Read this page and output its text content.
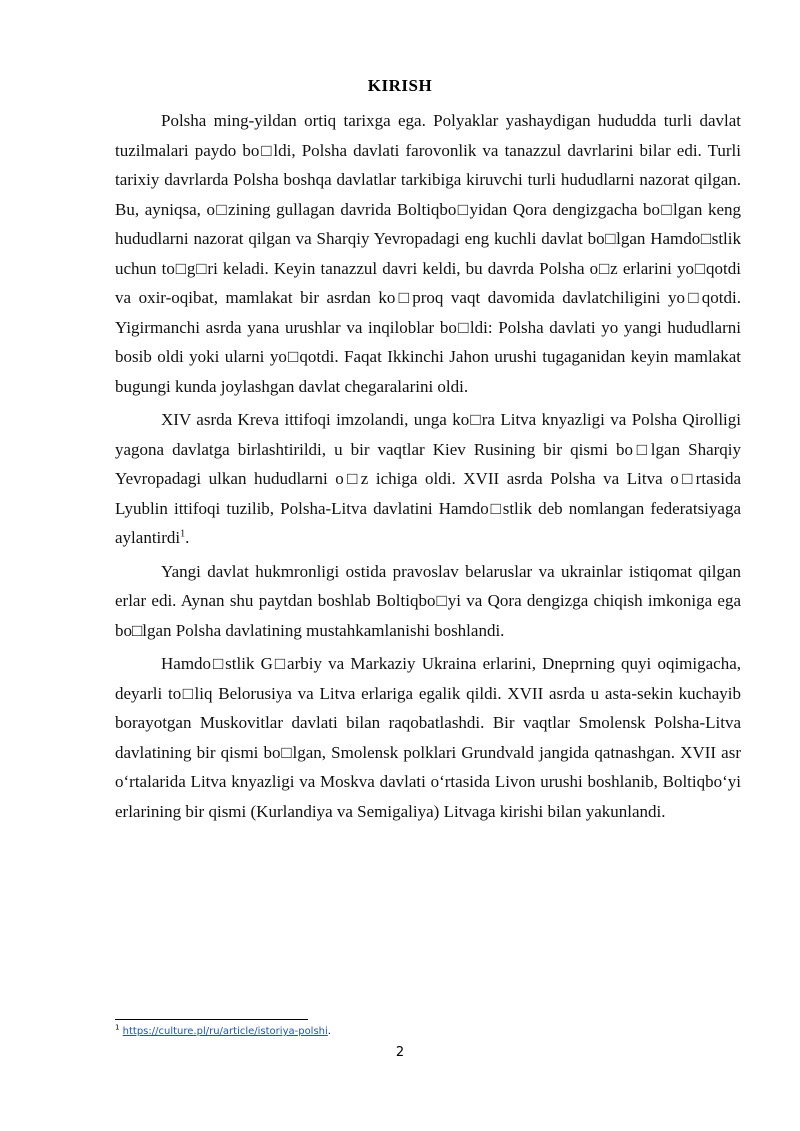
KIRISH

Polsha ming-yildan ortiq tarixga ega. Polyaklar yashaydigan hududda turli davlat tuzilmalari paydo bo□ldi, Polsha davlati farovonlik va tanazzul davrlarini bilar edi. Turli tarixiy davrlarda Polsha boshqa davlatlar tarkibiga kiruvchi turli hududlarni nazorat qilgan. Bu, ayniqsa, o□zining gullagan davrida Boltiqbo□yidan Qora dengizgacha bo□lgan keng hududlarni nazorat qilgan va Sharqiy Yevropadagi eng kuchli davlat bo□lgan Hamdo□stlik uchun to□g□ri keladi. Keyin tanazzul davri keldi, bu davrda Polsha o□z erlarini yo□qotdi va oxir-oqibat, mamlakat bir asrdan ko□proq vaqt davomida davlatchiligini yo□qotdi. Yigirmanchi asrda yana urushlar va inqiloblar bo□ldi: Polsha davlati yo yangi hududlarni bosib oldi yoki ularni yo□qotdi. Faqat Ikkinchi Jahon urushi tugaganidan keyin mamlakat bugungi kunda joylashgan davlat chegaralarini oldi.

XIV asrda Kreva ittifoqi imzolandi, unga ko□ra Litva knyazligi va Polsha Qirolligi yagona davlatga birlashtirildi, u bir vaqtlar Kiev Rusining bir qismi bo□lgan Sharqiy Yevropadagi ulkan hududlarni o□z ichiga oldi. XVII asrda Polsha va Litva o□rtasida Lyublin ittifoqi tuzilib, Polsha-Litva davlatini Hamdo□stlik deb nomlangan federatsiyaga aylantirdi$^1$.

Yangi davlat hukmronligi ostida pravoslav belaruslar va ukrainlar istiqomat qilgan erlar edi. Aynan shu paytdan boshlab Boltiqbo□yi va Qora dengizga chiqish imkoniga ega bo□lgan Polsha davlatining mustahkamlanishi boshlandi.

Hamdo□stlik G□arbiy va Markaziy Ukraina erlarini, Dneprning quyi oqimigacha, deyarli to□liq Belorusiya va Litva erlariga egalik qildi. XVII asrda u asta-sekin kuchayib borayotgan Muskovitlar davlati bilan raqobatlashdi. Bir vaqtlar Smolensk Polsha-Litva davlatining bir qismi bo□lgan, Smolensk polklari Grundvald jangida qatnashgan. XVII asr o‘rtalarida Litva knyazligi va Moskva davlati o‘rtasida Livon urushi boshlanib, Boltiqbo‘yi erlarining bir qismi (Kurlandiya va Semigaliya) Litvaga kirishi bilan yakunlandi.

$^1$ https://culture.pl/ru/article/istoriya-polshi.
2
